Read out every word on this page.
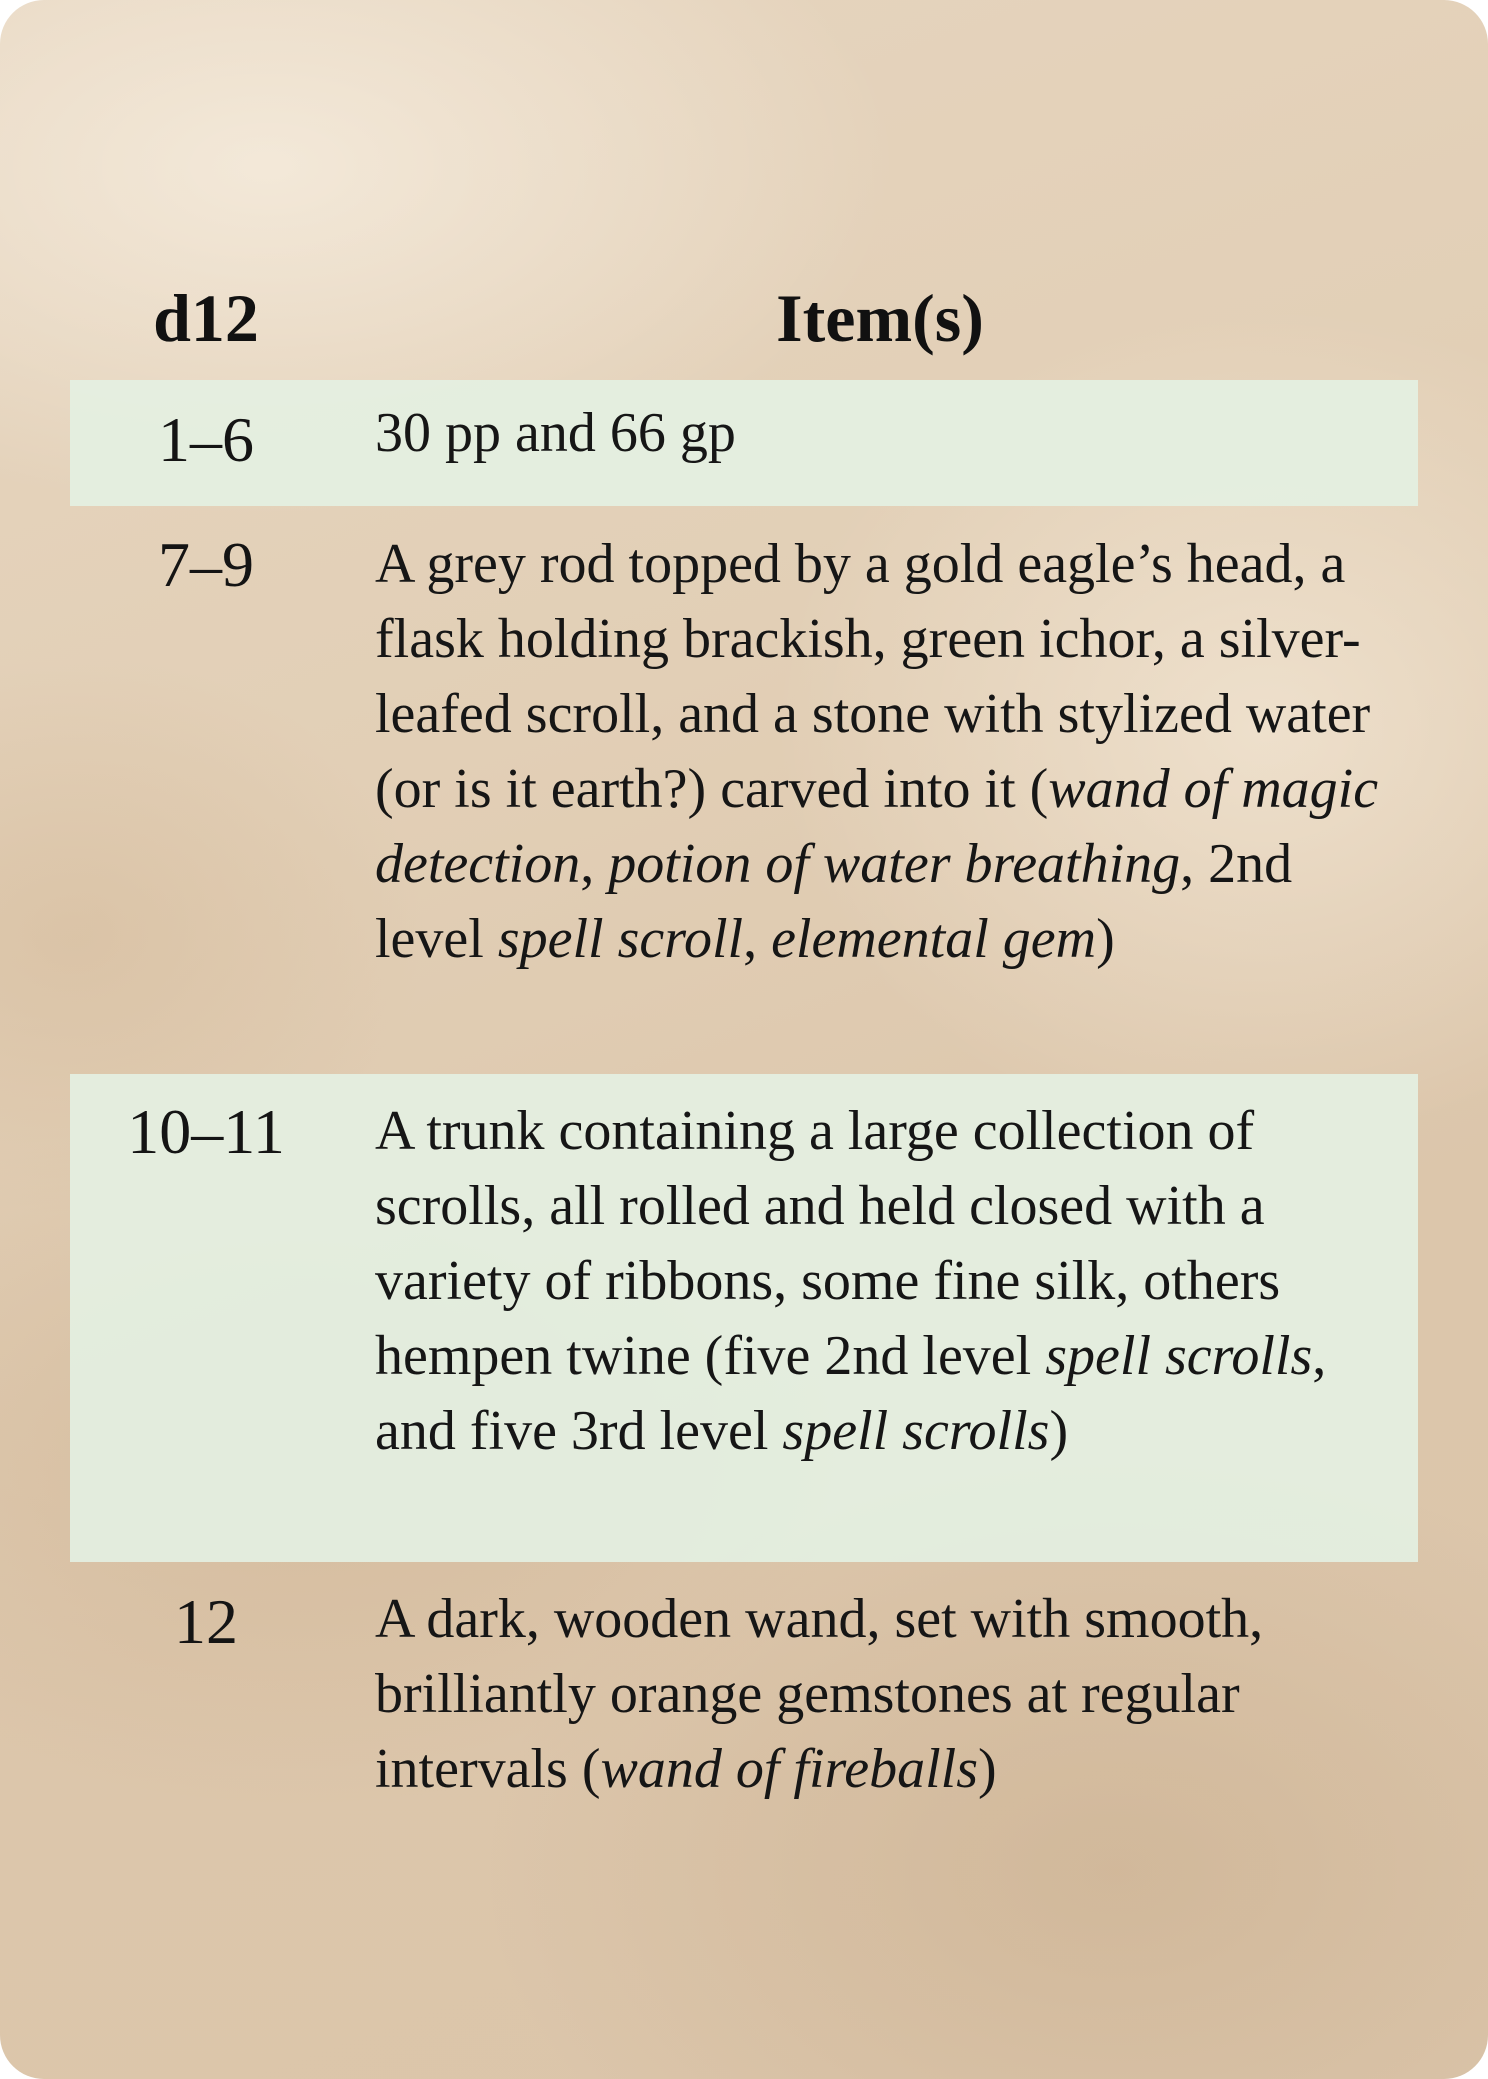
d12	Item(s)
1–6	30 pp and 66 gp
7–9	A grey rod topped by a gold eagle’s head, a flask holding brackish, green ichor, a silver-leafed scroll, and a stone with stylized water (or is it earth?) carved into it (wand of magic detection, potion of water breathing, 2nd level spell scroll, elemental gem)
10–11	A trunk containing a large collection of scrolls, all rolled and held closed with a variety of ribbons, some fine silk, others hempen twine (five 2nd level spell scrolls, and five 3rd level spell scrolls)
12	A dark, wooden wand, set with smooth, brilliantly orange gemstones at regular intervals (wand of fireballs)
